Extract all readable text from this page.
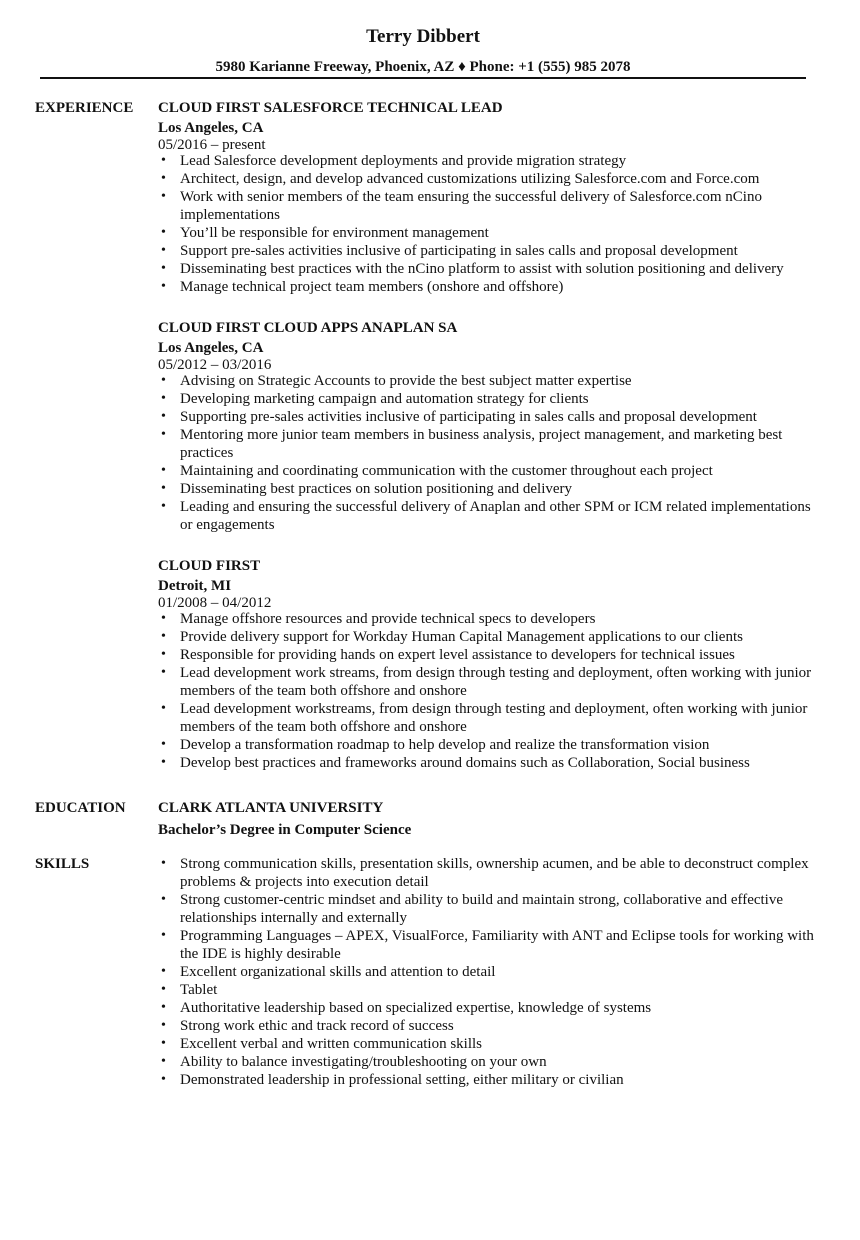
Terry Dibbert
5980 Karianne Freeway, Phoenix, AZ ♦ Phone: +1 (555) 985 2078
EXPERIENCE CLOUD FIRST SALESFORCE TECHNICAL LEAD
Los Angeles, CA
05/2016 – present
• Lead Salesforce development deployments and provide migration strategy
• Architect, design, and develop advanced customizations utilizing Salesforce.com and Force.com
• Work with senior members of the team ensuring the successful delivery of Salesforce.com nCino implementations
• You’ll be responsible for environment management
• Support pre-sales activities inclusive of participating in sales calls and proposal development
• Disseminating best practices with the nCino platform to assist with solution positioning and delivery
• Manage technical project team members (onshore and offshore)
CLOUD FIRST CLOUD APPS ANAPLAN SA
Los Angeles, CA
05/2012 – 03/2016
• Advising on Strategic Accounts to provide the best subject matter expertise
• Developing marketing campaign and automation strategy for clients
• Supporting pre-sales activities inclusive of participating in sales calls and proposal development
• Mentoring more junior team members in business analysis, project management, and marketing best practices
• Maintaining and coordinating communication with the customer throughout each project
• Disseminating best practices on solution positioning and delivery
• Leading and ensuring the successful delivery of Anaplan and other SPM or ICM related implementations or engagements
CLOUD FIRST
Detroit, MI
01/2008 – 04/2012
• Manage offshore resources and provide technical specs to developers
• Provide delivery support for Workday Human Capital Management applications to our clients
• Responsible for providing hands on expert level assistance to developers for technical issues
• Lead development work streams, from design through testing and deployment, often working with junior members of the team both offshore and onshore
• Lead development workstreams, from design through testing and deployment, often working with junior members of the team both offshore and onshore
• Develop a transformation roadmap to help develop and realize the transformation vision
• Develop best practices and frameworks around domains such as Collaboration, Social business
EDUCATION CLARK ATLANTA UNIVERSITY
Bachelor’s Degree in Computer Science
SKILLS
•	Strong communication skills, presentation skills, ownership acumen, and be able to deconstruct complex problems & projects into execution detail
• Strong customer-centric mindset and ability to build and maintain strong, collaborative and effective relationships internally and externally
• Programming Languages – APEX, VisualForce, Familiarity with ANT and Eclipse tools for working with the IDE is highly desirable
• Excellent organizational skills and attention to detail
• Tablet
• Authoritative leadership based on specialized expertise, knowledge of systems
• Strong work ethic and track record of success
• Excellent verbal and written communication skills
• Ability to balance investigating/troubleshooting on your own
• Demonstrated leadership in professional setting, either military or civilian
